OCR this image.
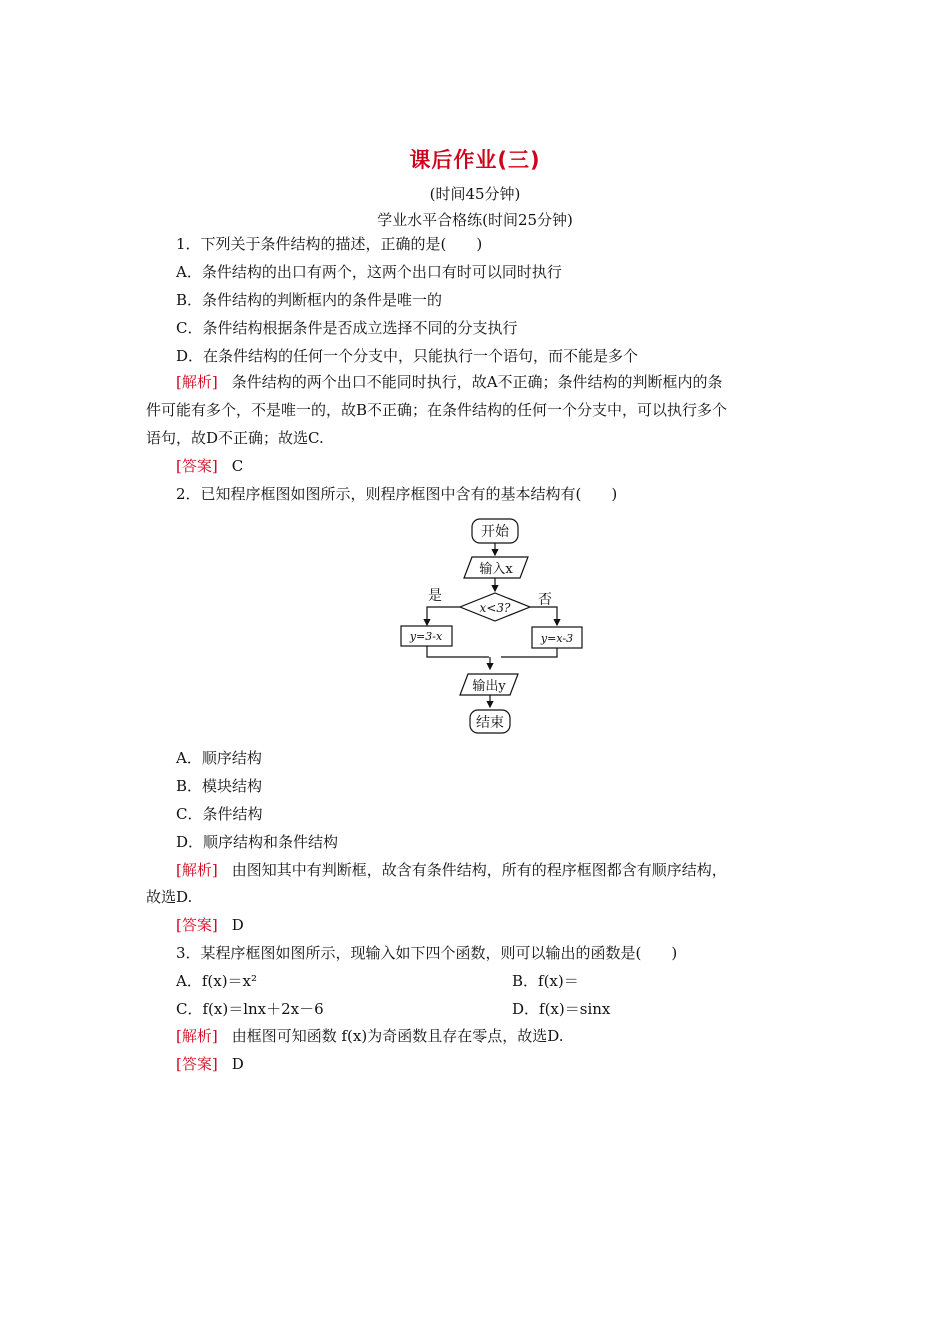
课后作业(三)
(时间45分钟)
学业水平合格练(时间25分钟)
1．下列关于条件结构的描述，正确的是(　　)
A．条件结构的出口有两个，这两个出口有时可以同时执行
B．条件结构的判断框内的条件是唯一的
C．条件结构根据条件是否成立选择不同的分支执行
D．在条件结构的任何一个分支中，只能执行一个语句，而不能是多个
[解析] 条件结构的两个出口不能同时执行，故A不正确；条件结构的判断框内的条
件可能有多个，不是唯一的，故B不正确；在条件结构的任何一个分支中，可以执行多个
语句，故D不正确；故选C.
[答案] C
2．已知程序框图如图所示，则程序框图中含有的基本结构有(　　)
开始
输入x
x<3?
是	否
y=3-x	y=x-3
输出y
结束
A．顺序结构
B．模块结构
C．条件结构
D．顺序结构和条件结构
[解析] 由图知其中有判断框，故含有条件结构，所有的程序框图都含有顺序结构，
故选D.
[答案] D
3．某程序框图如图所示，现输入如下四个函数，则可以输出的函数是(　　)
A．f(x)＝x²	B．f(x)＝
C．f(x)＝lnx＋2x－6	D．f(x)＝sinx
[解析] 由框图可知函数 f(x)为奇函数且存在零点，故选D.
[答案] D
